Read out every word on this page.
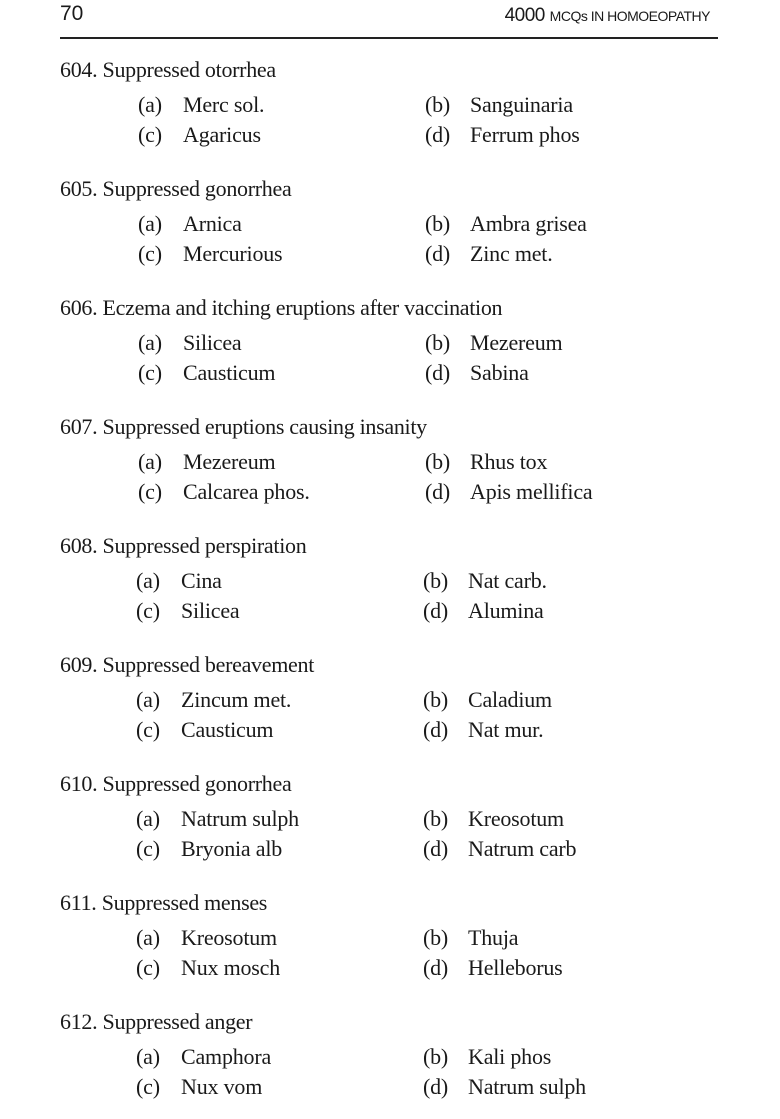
70	4000 MCQs IN HOMOEOPATHY
604. Suppressed otorrhea
(a) Merc sol.	(b) Sanguinaria
(c) Agaricus	(d) Ferrum phos
605. Suppressed gonorrhea
(a) Arnica	(b) Ambra grisea
(c) Mercurious	(d) Zinc met.
606. Eczema and itching eruptions after vaccination
(a) Silicea	(b) Mezereum
(c) Causticum	(d) Sabina
607. Suppressed eruptions causing insanity
(a) Mezereum	(b) Rhus tox
(c) Calcarea phos.	(d) Apis mellifica
608. Suppressed perspiration
(a) Cina	(b) Nat carb.
(c) Silicea	(d) Alumina
609. Suppressed bereavement
(a) Zincum met.	(b) Caladium
(c) Causticum	(d) Nat mur.
610. Suppressed gonorrhea
(a) Natrum sulph	(b) Kreosotum
(c) Bryonia alb	(d) Natrum carb
611. Suppressed menses
(a) Kreosotum	(b) Thuja
(c) Nux mosch	(d) Helleborus
612. Suppressed anger
(a) Camphora	(b) Kali phos
(c) Nux vom	(d) Natrum sulph
